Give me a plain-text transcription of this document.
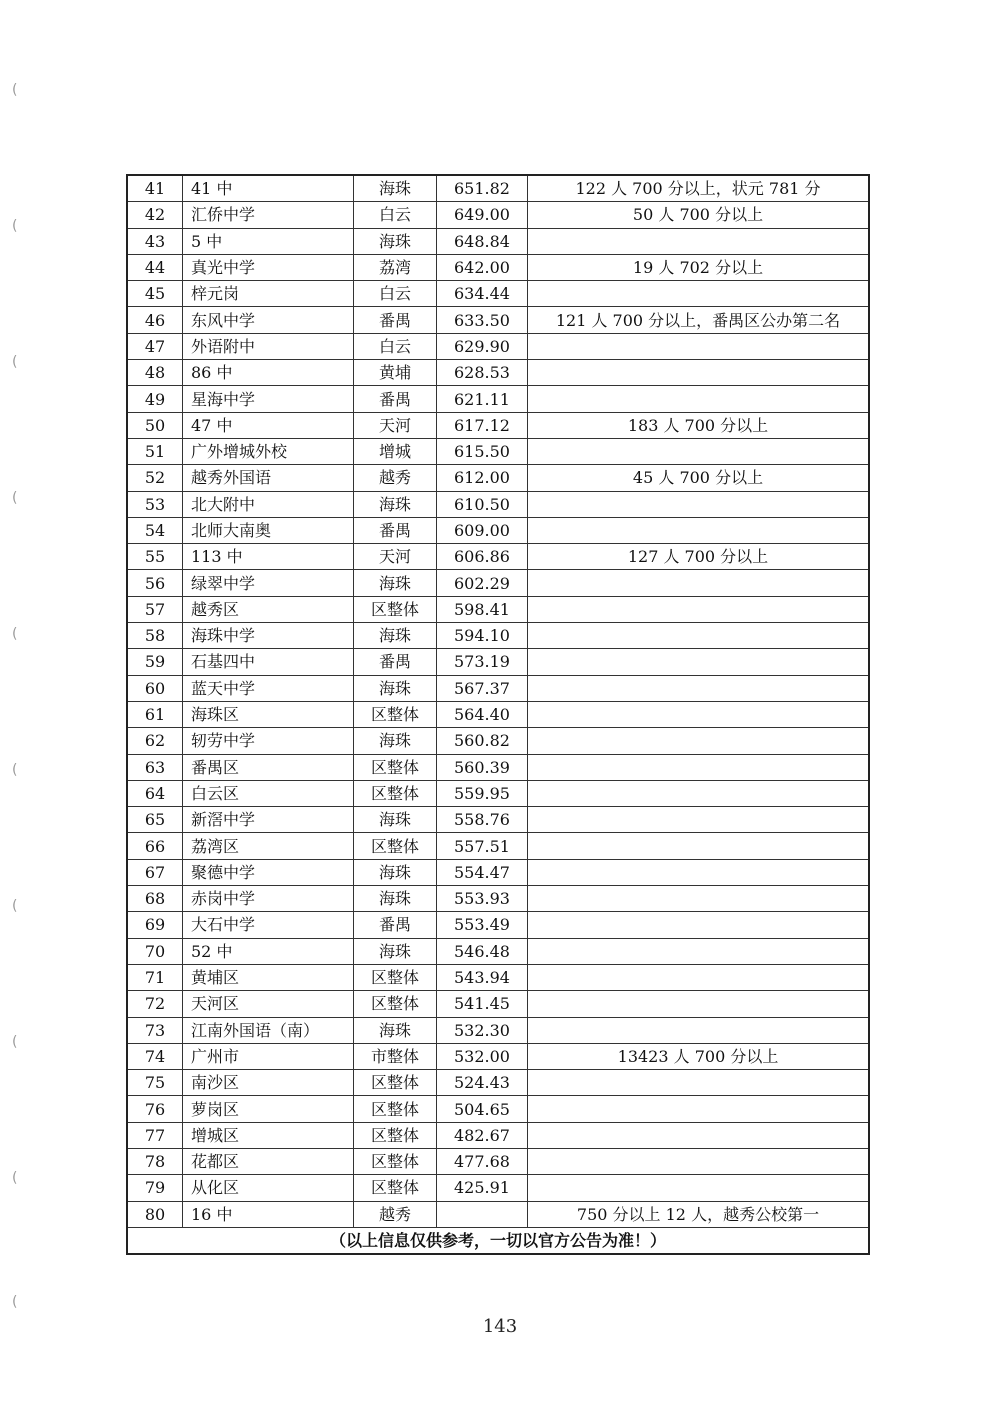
(
(
(
(
(
(
(
(
(
(
41	41 中	海珠	651.82	122 人 700 分以上，状元 781 分
42	汇侨中学	白云	649.00	50 人 700 分以上
43	5 中	海珠	648.84	
44	真光中学	荔湾	642.00	19 人 702 分以上
45	梓元岗	白云	634.44	
46	东风中学	番禺	633.50	121 人 700 分以上，番禺区公办第二名
47	外语附中	白云	629.90	
48	86 中	黄埔	628.53	
49	星海中学	番禺	621.11	
50	47 中	天河	617.12	183 人 700 分以上
51	广外增城外校	增城	615.50	
52	越秀外国语	越秀	612.00	45 人 700 分以上
53	北大附中	海珠	610.50	
54	北师大南奥	番禺	609.00	
55	113 中	天河	606.86	127 人 700 分以上
56	绿翠中学	海珠	602.29	
57	越秀区	区整体	598.41	
58	海珠中学	海珠	594.10	
59	石基四中	番禺	573.19	
60	蓝天中学	海珠	567.37	
61	海珠区	区整体	564.40	
62	轫劳中学	海珠	560.82	
63	番禺区	区整体	560.39	
64	白云区	区整体	559.95	
65	新滘中学	海珠	558.76	
66	荔湾区	区整体	557.51	
67	聚德中学	海珠	554.47	
68	赤岗中学	海珠	553.93	
69	大石中学	番禺	553.49	
70	52 中	海珠	546.48	
71	黄埔区	区整体	543.94	
72	天河区	区整体	541.45	
73	江南外国语（南）	海珠	532.30	
74	广州市	市整体	532.00	13423 人 700 分以上
75	南沙区	区整体	524.43	
76	萝岗区	区整体	504.65	
77	增城区	区整体	482.67	
78	花都区	区整体	477.68	
79	从化区	区整体	425.91	
80	16 中	越秀		750 分以上 12 人，越秀公校第一
（以上信息仅供参考，一切以官方公告为准！）				
143
